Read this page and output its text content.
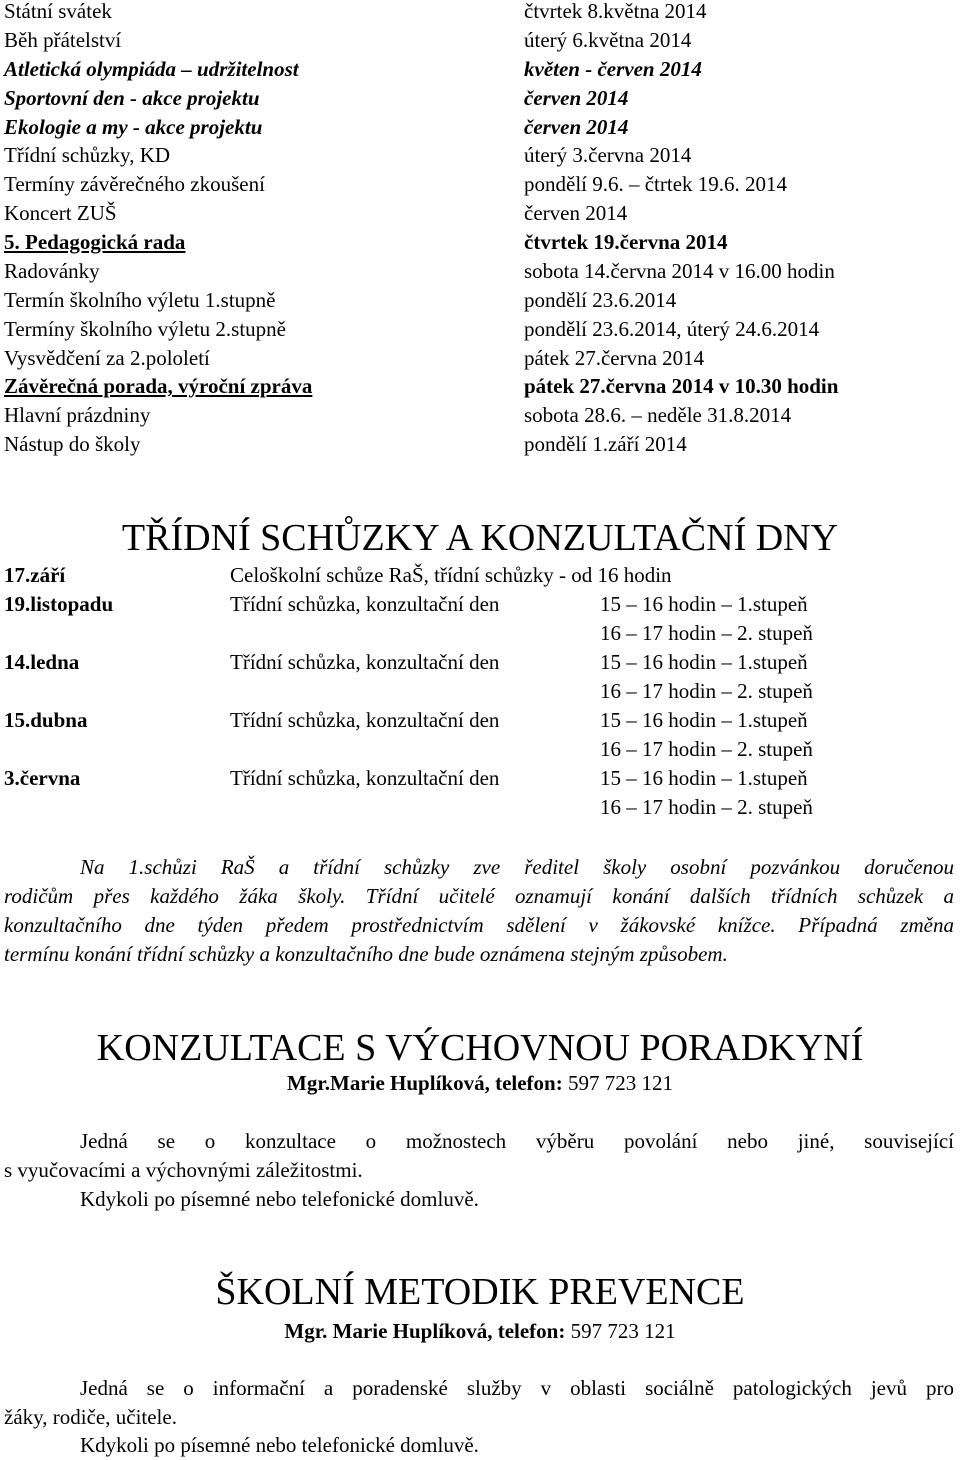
Státní svátek	čtvrtek 8.května 2014
Běh přátelství	úterý 6.května 2014
Atletická olympiáda – udržitelnost	květen - červen 2014
Sportovní den - akce projektu	červen 2014
Ekologie a my - akce projektu	červen 2014
Třídní schůzky, KD	úterý 3.června 2014
Termíny závěrečného zkoušení	pondělí 9.6. – čtrtek 19.6. 2014
Koncert ZUŠ	červen 2014
5. Pedagogická rada	čtvrtek 19.června 2014
Radovánky	sobota 14.června 2014 v 16.00 hodin
Termín školního výletu 1.stupně	pondělí 23.6.2014
Termíny školního výletu 2.stupně	pondělí 23.6.2014, úterý 24.6.2014
Vysvědčení za 2.pololetí	pátek 27.června 2014
Závěrečná porada, výroční zpráva	pátek 27.června 2014 v 10.30 hodin
Hlavní prázdniny	sobota 28.6. – neděle 31.8.2014
Nástup do školy	pondělí 1.září 2014
TŘÍDNÍ SCHŮZKY A KONZULTAČNÍ DNY
17.září	Celoškolní schůze RaŠ, třídní schůzky - od 16 hodin
19.listopadu	Třídní schůzka, konzultační den	15 – 16 hodin – 1.stupeň
16 – 17 hodin – 2. stupeň
14.ledna	Třídní schůzka, konzultační den	15 – 16 hodin – 1.stupeň
16 – 17 hodin – 2. stupeň
15.dubna	Třídní schůzka, konzultační den	15 – 16 hodin – 1.stupeň
16 – 17 hodin – 2. stupeň
3.června	Třídní schůzka, konzultační den	15 – 16 hodin – 1.stupeň
16 – 17 hodin – 2. stupeň
Na 1.schůzi RaŠ a třídní schůzky zve ředitel školy osobní pozvánkou doručenou
rodičům přes každého žáka školy. Třídní učitelé oznamují konání dalších třídních schůzek a
konzultačního dne týden předem prostřednictvím sdělení v žákovské knížce. Případná změna
termínu konání třídní schůzky a konzultačního dne bude oznámena stejným způsobem.
KONZULTACE S VÝCHOVNOU PORADKYNÍ
Mgr.Marie Huplíková, telefon: 597 723 121
Jedná se o konzultace o možnostech výběru povolání nebo jiné, související
s vyučovacími a výchovnými záležitostmi.
Kdykoli po písemné nebo telefonické domluvě.
ŠKOLNÍ METODIK PREVENCE
Mgr. Marie Huplíková, telefon: 597 723 121
Jedná se o informační a poradenské služby v oblasti sociálně patologických jevů pro
žáky, rodiče, učitele.
Kdykoli po písemné nebo telefonické domluvě.
